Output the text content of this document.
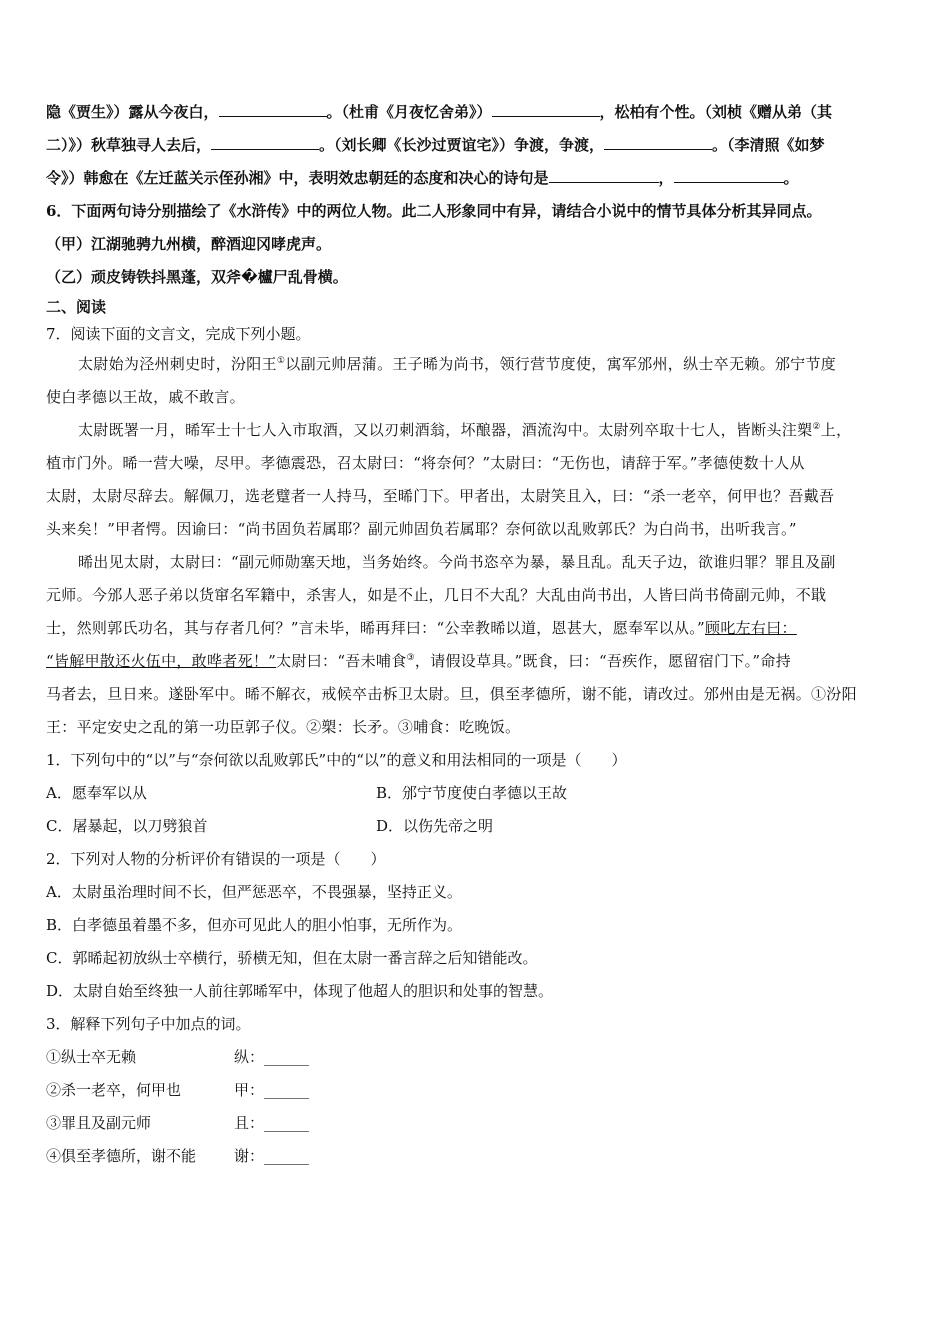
隐《贾生》）露从今夜白，	。（杜甫《月夜忆舍弟》）	，松柏有个性。（刘桢《赠从弟（其
二）》）秋草独寻人去后，	。（刘长卿《长沙过贾谊宅》）争渡，争渡，	。（李清照《如梦
令》）韩愈在《左迁蓝关示侄孙湘》中，表明效忠朝廷的态度和决心的诗句是	，	。
6．下面两句诗分别描绘了《水浒传》中的两位人物。此二人形象同中有异，请结合小说中的情节具体分析其异同点。
（甲）江湖驰骋九州横，醉酒迎冈哮虎声。
（乙）顽皮铸铁抖黑蓬，双斧�櫨尸乱骨横。
二、阅读
7．阅读下面的文言文，完成下列小题。
太尉始为泾州刺史时，汾阳王①以副元帅居蒲。王子晞为尚书，领行营节度使，寓军邠州，纵士卒无赖。邠宁节度
使白孝德以王故，戚不敢言。
太尉既署一月，晞军士十七人入市取酒，又以刃刺酒翁，坏酿器，酒流沟中。太尉列卒取十七人，皆断头注槊②上，
植市门外。晞一营大噪，尽甲。孝德震恐，召太尉曰：“将奈何？”太尉曰：“无伤也，请辞于军。”孝德使数十人从
太尉，太尉尽辞去。解佩刀，选老躄者一人持马，至晞门下。甲者出，太尉笑且入，曰：“杀一老卒，何甲也？吾戴吾
头来矣！”甲者愕。因谕曰：“尚书固负若属耶？副元帅固负若属耶？奈何欲以乱败郭氏？为白尚书，出听我言。”
晞出见太尉，太尉曰：“副元师勋塞天地，当务始终。今尚书恣卒为暴，暴且乱。乱天子边，欲谁归罪？罪且及副
元师。今邠人恶子弟以货窜名军籍中，杀害人，如是不止，几日不大乱？大乱由尚书出，人皆曰尚书倚副元帅，不戢
士，然则郭氏功名，其与存者几何？”言未毕，晞再拜曰：“公幸教晞以道，恩甚大，愿奉军以从。”顾叱左右曰：
“皆解甲散还火伍中，敢哗者死！”太尉曰：“吾未哺食③，请假设草具。”既食，曰：“吾疾作，愿留宿门下。”命持
马者去，旦日来。遂卧军中。晞不解衣，戒候卒击柝卫太尉。旦，俱至孝德所，谢不能，请改过。邠州由是无祸。①汾阳
王：平定安史之乱的第一功臣郭子仪。②槊：长矛。③哺食：吃晚饭。
1．下列句中的“以”与“奈何欲以乱败郭氏”中的“以”的意义和用法相同的一项是（　　）
A．愿奉军以从	B．邠宁节度使白孝德以王故
C．屠暴起，以刀劈狼首	D．以伤先帝之明
2．下列对人物的分析评价有错误的一项是（　　）
A．太尉虽治理时间不长，但严惩恶卒，不畏强暴，坚持正义。
B．白孝德虽着墨不多，但亦可见此人的胆小怕事，无所作为。
C．郭晞起初放纵士卒横行，骄横无知，但在太尉一番言辞之后知错能改。
D．太尉自始至终独一人前往郭晞军中，体现了他超人的胆识和处事的智慧。
3．解释下列句子中加点的词。
①纵士卒无赖	纵： ______
②杀一老卒，何甲也	甲： ______
③罪且及副元师	且： ______
④俱至孝德所，谢不能	谢： ______
